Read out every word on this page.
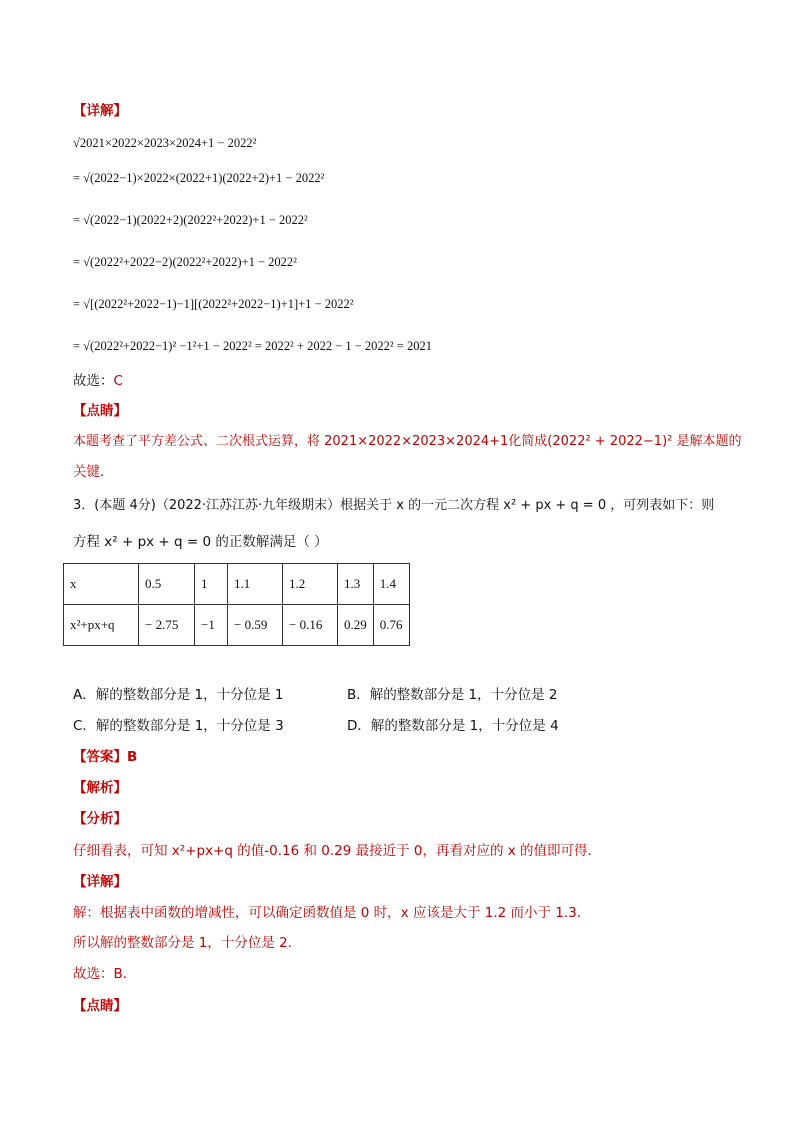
【详解】
√2021×2022×2023×2024+1 − 2022²
= √(2022−1)×2022×(2022+1)(2022+2)+1 − 2022²
= √(2022−1)(2022+2)(2022²+2022)+1 − 2022²
= √(2022²+2022−2)(2022²+2022)+1 − 2022²
= √[(2022²+2022−1)−1][(2022²+2022−1)+1]+1 − 2022²
= √(2022²+2022−1)² −1²+1 − 2022² = 2022² + 2022 − 1 − 2022² = 2021
故选：C
【点睛】
本题考查了平方差公式、二次根式运算，将 2021×2022×2023×2024+1化简成(2022² + 2022−1)² 是解本题的
关键．
3．(本题 4分)（2022·江苏江苏·九年级期末）根据关于 x 的一元二次方程 x² + px + q = 0 ，可列表如下：则
方程 x² + px + q = 0 的正数解满足（ ）
x	0.5	1	1.1	1.2	1.3	1.4
x²+px+q	− 2.75	−1	− 0.59	− 0.16	0.29	0.76
A．解的整数部分是 1，十分位是 1	B．解的整数部分是 1，十分位是 2
C．解的整数部分是 1，十分位是 3	D．解的整数部分是 1，十分位是 4
【答案】B
【解析】
【分析】
仔细看表，可知 x²+px+q 的值-0.16 和 0.29 最接近于 0，再看对应的 x 的值即可得．
【详解】
解：根据表中函数的增减性，可以确定函数值是 0 时，x 应该是大于 1.2 而小于 1.3．
所以解的整数部分是 1，十分位是 2．
故选：B．
【点睛】
